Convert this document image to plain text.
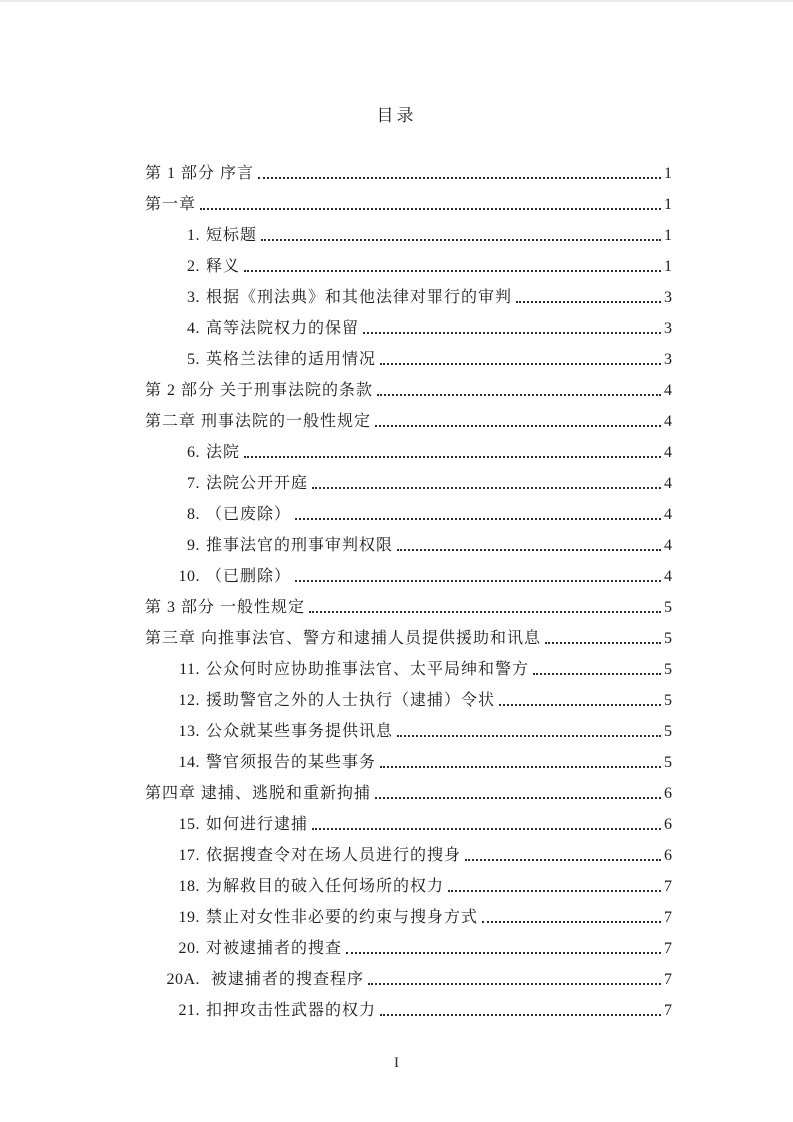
目录
第 1 部分 序言	1
第一章	1
1. 短标题	1
2. 释义	1
3. 根据《刑法典》和其他法律对罪行的审判	3
4. 高等法院权力的保留	3
5. 英格兰法律的适用情况	3
第 2 部分 关于刑事法院的条款	4
第二章 刑事法院的一般性规定	4
6. 法院	4
7. 法院公开开庭	4
8. （已废除）	4
9. 推事法官的刑事审判权限	4
10. （已删除）	4
第 3 部分 一般性规定	5
第三章 向推事法官、警方和逮捕人员提供援助和讯息	5
11. 公众何时应协助推事法官、太平局绅和警方	5
12. 援助警官之外的人士执行（逮捕）令状	5
13. 公众就某些事务提供讯息	5
14. 警官须报告的某些事务	5
第四章 逮捕、逃脱和重新拘捕	6
15. 如何进行逮捕	6
17. 依据搜查令对在场人员进行的搜身	6
18. 为解救目的破入任何场所的权力	7
19. 禁止对女性非必要的约束与搜身方式	7
20. 对被逮捕者的搜查	7
20A. 被逮捕者的搜查程序	7
21. 扣押攻击性武器的权力	7
I
